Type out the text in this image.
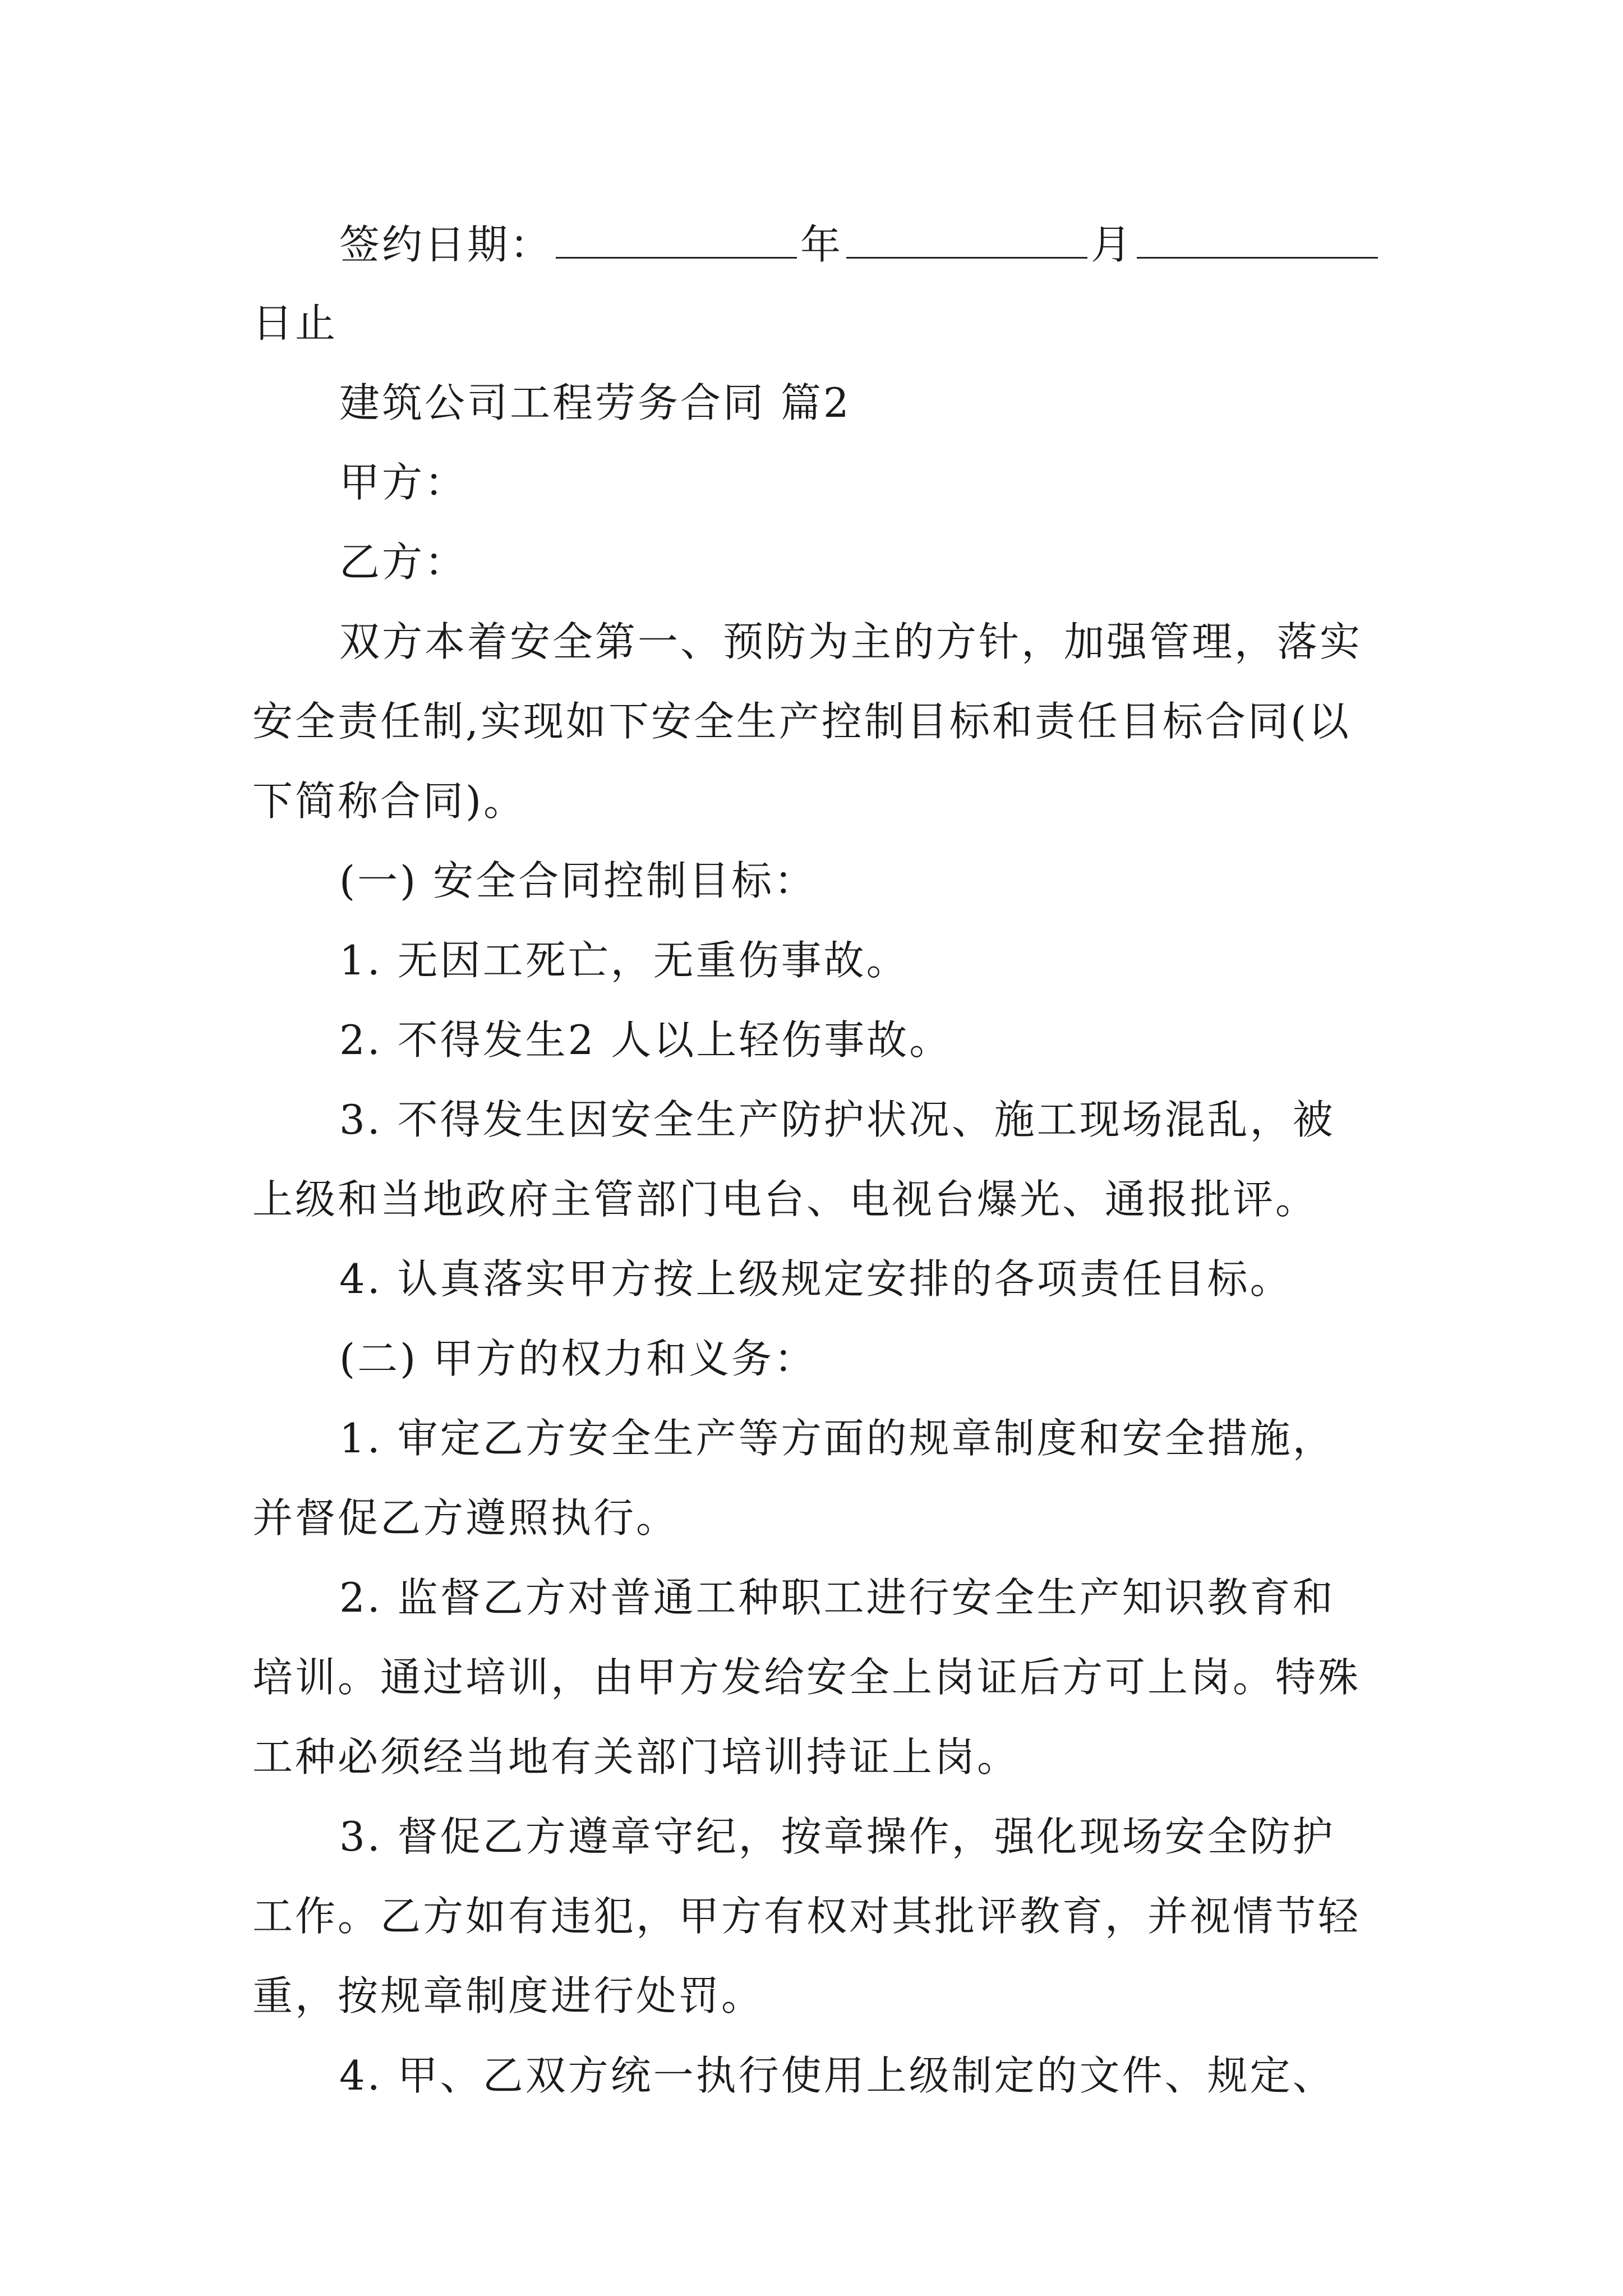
签约日期：	年	月
日止
建筑公司工程劳务合同 篇2
甲方：
乙方：
双方本着安全第一、预防为主的方针，加强管理，落实
安全责任制,实现如下安全生产控制目标和责任目标合同(以
下简称合同)。
(一) 安全合同控制目标：
1. 无因工死亡，无重伤事故。
2. 不得发生2 人以上轻伤事故。
3. 不得发生因安全生产防护状况、施工现场混乱，被
上级和当地政府主管部门电台、电视台爆光、通报批评。
4. 认真落实甲方按上级规定安排的各项责任目标。
(二) 甲方的权力和义务：
1. 审定乙方安全生产等方面的规章制度和安全措施，
并督促乙方遵照执行。
2. 监督乙方对普通工种职工进行安全生产知识教育和
培训。通过培训，由甲方发给安全上岗证后方可上岗。特殊
工种必须经当地有关部门培训持证上岗。
3. 督促乙方遵章守纪，按章操作，强化现场安全防护
工作。乙方如有违犯，甲方有权对其批评教育，并视情节轻
重，按规章制度进行处罚。
4. 甲、乙双方统一执行使用上级制定的文件、规定、
